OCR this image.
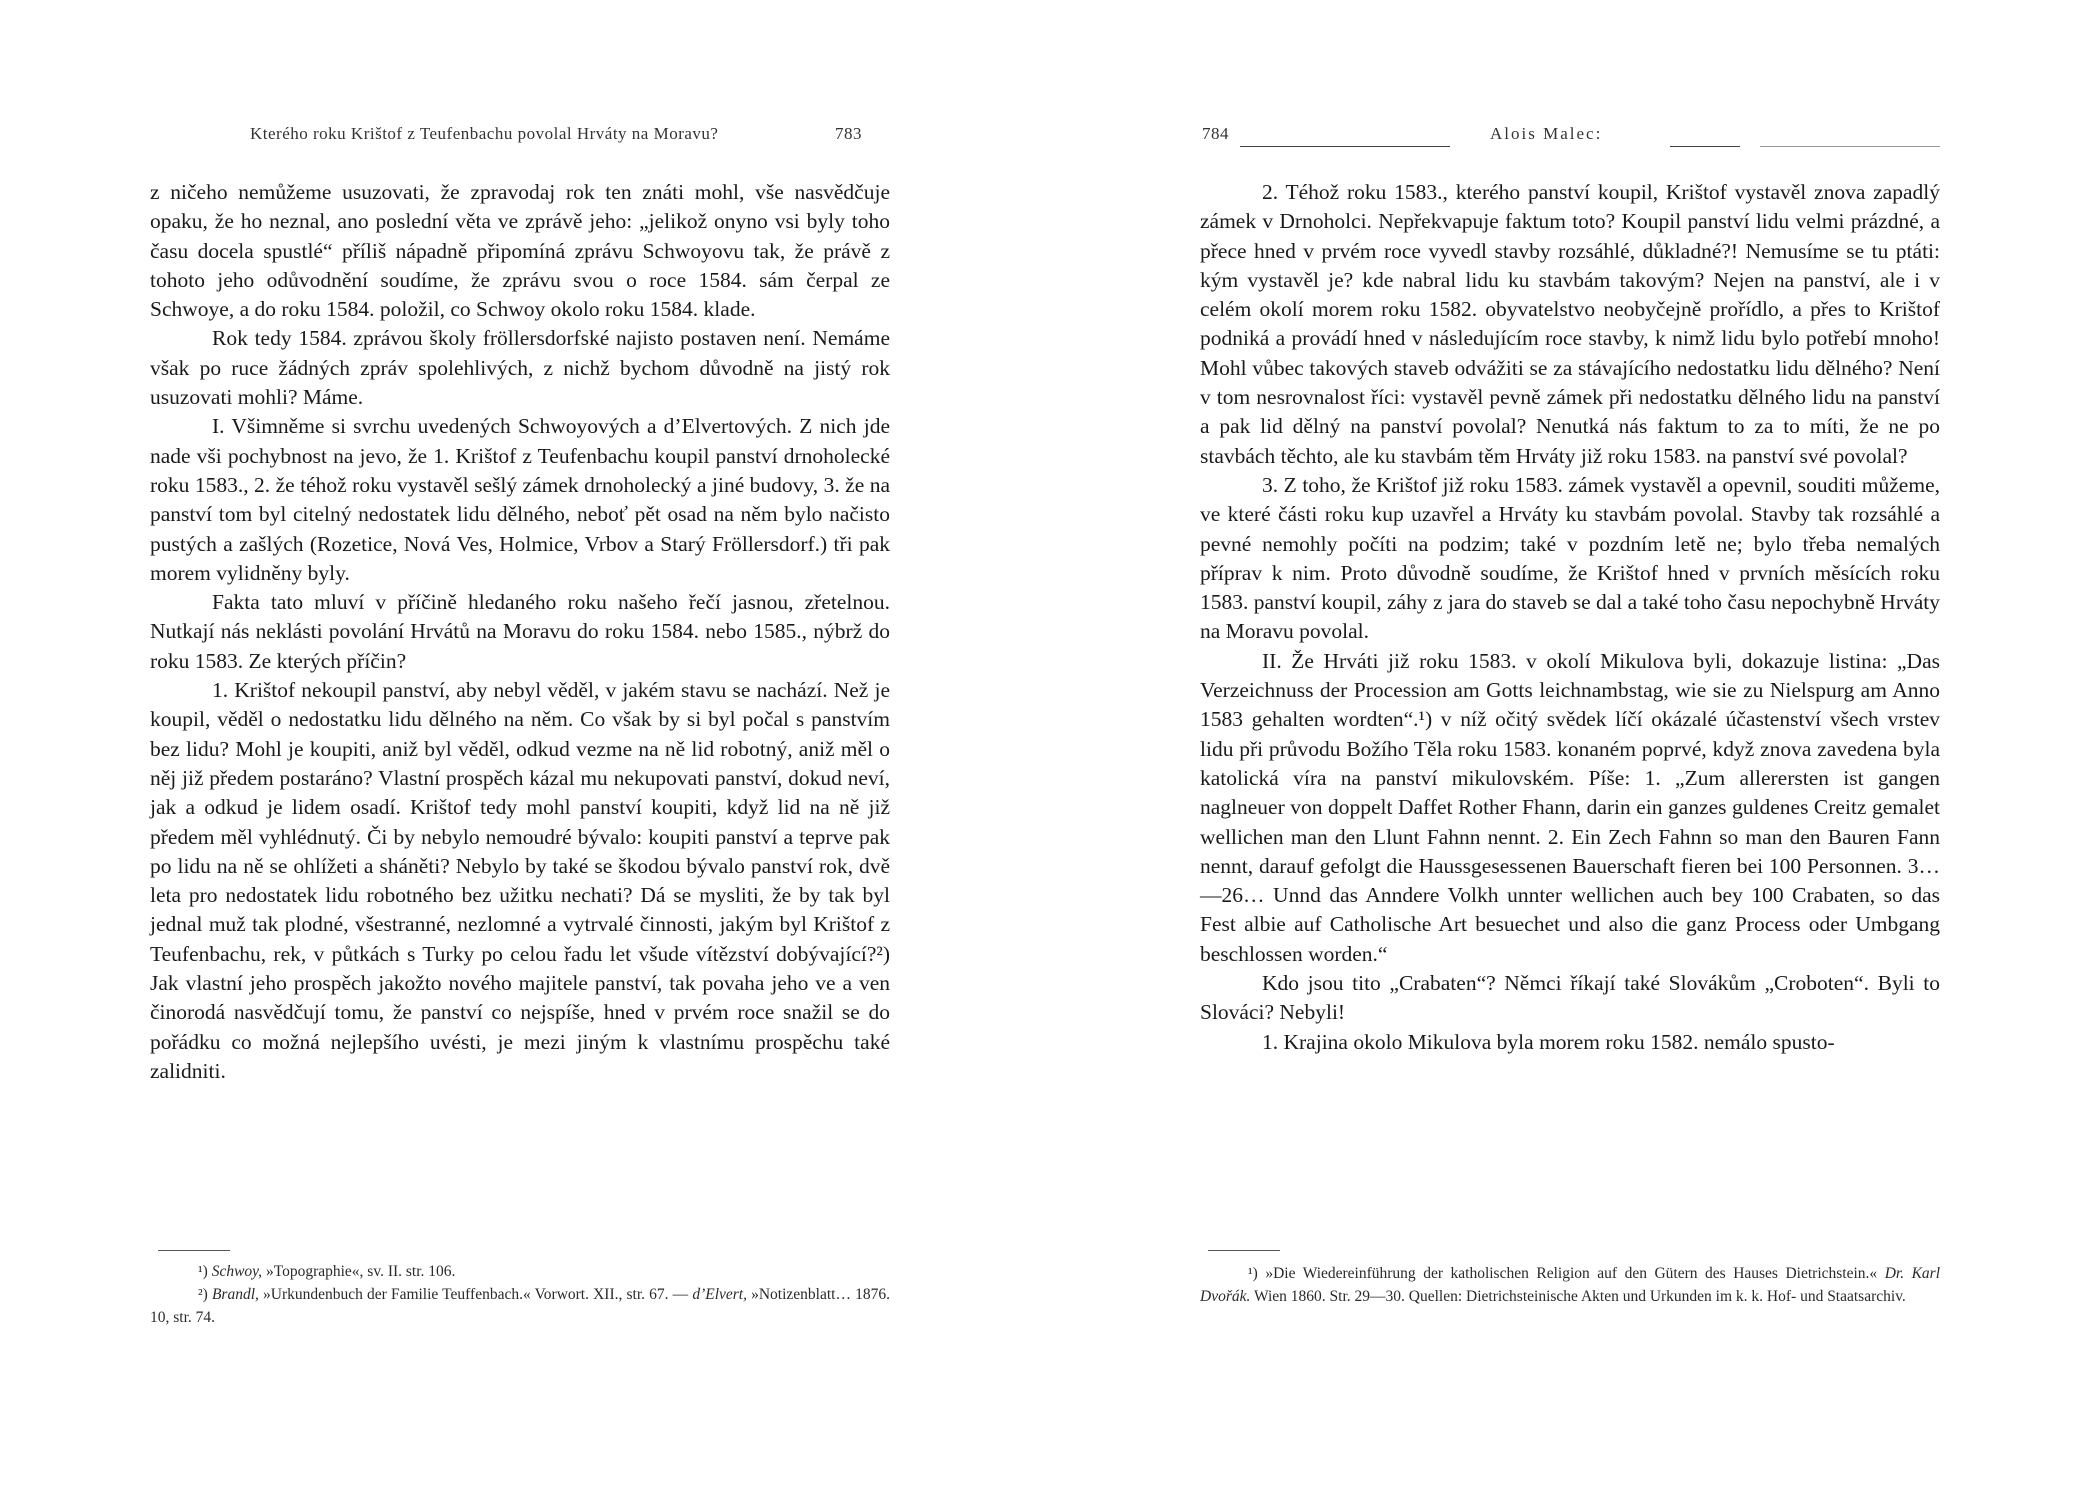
Kterého roku Krištof z Teufenbachu povolal Hrváty na Moravu?	783

z ničeho nemůžeme usuzovati, že zpravodaj rok ten znáti mohl, vše nasvědčuje opaku, že ho neznal, ano poslední věta ve zprávě jeho: „jelikož onyno vsi byly toho času docela spustlé“ příliš nápadně připomíná zprávu Schwoyovu tak, že právě z tohoto jeho odůvodnění soudíme, že zprávu svou o roce 1584. sám čerpal ze Schwoye, a do roku 1584. položil, co Schwoy okolo roku 1584. klade.

Rok tedy 1584. zprávou školy fröllersdorfské najisto postaven není. Nemáme však po ruce žádných zpráv spolehlivých, z nichž bychom důvodně na jistý rok usuzovati mohli? Máme.

I. Všimněme si svrchu uvedených Schwoyových a d’Elvertových. Z nich jde nade vši pochybnost na jevo, že 1. Krištof z Teufenbachu koupil panství drnoholecké roku 1583., 2. že téhož roku vystavěl sešlý zámek drnoholecký a jiné budovy, 3. že na panství tom byl citelný nedostatek lidu dělného, neboť pět osad na něm bylo načisto pustých a zašlých (Rozetice, Nová Ves, Holmice, Vrbov a Starý Fröllersdorf.) tři pak morem vylidněny byly.

Fakta tato mluví v příčině hledaného roku našeho řečí jasnou, zřetelnou. Nutkají nás neklásti povolání Hrvátů na Moravu do roku 1584. nebo 1585., nýbrž do roku 1583. Ze kterých příčin?

1. Krištof nekoupil panství, aby nebyl věděl, v jakém stavu se nachází. Než je koupil, věděl o nedostatku lidu dělného na něm. Co však by si byl počal s panstvím bez lidu? Mohl je koupiti, aniž byl věděl, odkud vezme na ně lid robotný, aniž měl o něj již předem postaráno? Vlastní prospěch kázal mu nekupovati panství, dokud neví, jak a odkud je lidem osadí. Krištof tedy mohl panství koupiti, když lid na ně již předem měl vyhlédnutý. Či by nebylo nemoudré bývalo: koupiti panství a teprve pak po lidu na ně se ohlížeti a sháněti? Nebylo by také se škodou bývalo panství rok, dvě leta pro nedostatek lidu robotného bez užitku nechati? Dá se mysliti, že by tak byl jednal muž tak plodné, všestranné, nezlomné a vytrvalé činnosti, jakým byl Krištof z Teufenbachu, rek, v půtkách s Turky po celou řadu let všude vítězství dobývající?²) Jak vlastní jeho prospěch jakožto nového majitele panství, tak povaha jeho ve a ven činorodá nasvědčují tomu, že panství co nejspíše, hned v prvém roce snažil se do pořádku co možná nejlepšího uvésti, je mezi jiným k vlastnímu prospěchu také zalidniti.

¹) Schwoy, »Topographie«, sv. II. str. 106.

²) Brandl, »Urkundenbuch der Familie Teuffenbach.« Vorwort. XII., str. 67. — d’Elvert, »Notizenblatt… 1876. 10, str. 74.

784	Alois Malec:

2. Téhož roku 1583., kterého panství koupil, Krištof vystavěl znova zapadlý zámek v Drnoholci. Nepřekvapuje faktum toto? Koupil panství lidu velmi prázdné, a přece hned v prvém roce vyvedl stavby rozsáhlé, důkladné?! Nemusíme se tu ptáti: kým vystavěl je? kde nabral lidu ku stavbám takovým? Nejen na panství, ale i v celém okolí morem roku 1582. obyvatelstvo neobyčejně prořídlo, a přes to Krištof podniká a provádí hned v následujícím roce stavby, k nimž lidu bylo potřebí mnoho! Mohl vůbec takových staveb odvážiti se za stávajícího nedostatku lidu dělného? Není v tom nesrovnalost říci: vystavěl pevně zámek při nedostatku dělného lidu na panství a pak lid dělný na panství povolal? Nenutká nás faktum to za to míti, že ne po stavbách těchto, ale ku stavbám těm Hrváty již roku 1583. na panství své povolal?

3. Z toho, že Krištof již roku 1583. zámek vystavěl a opevnil, souditi můžeme, ve které části roku kup uzavřel a Hrváty ku stavbám povolal. Stavby tak rozsáhlé a pevné nemohly počíti na podzim; také v pozdním letě ne; bylo třeba nemalých příprav k nim. Proto důvodně soudíme, že Krištof hned v prvních měsících roku 1583. panství koupil, záhy z jara do staveb se dal a také toho času nepochybně Hrváty na Moravu povolal.

II. Že Hrváti již roku 1583. v okolí Mikulova byli, dokazuje listina: „Das Verzeichnuss der Procession am Gotts leichnambstag, wie sie zu Nielspurg am Anno 1583 gehalten wordten“.¹) v níž očitý svědek líčí okázalé účastenství všech vrstev lidu při průvodu Božího Těla roku 1583. konaném poprvé, když znova zavedena byla katolická víra na panství mikulovském. Píše: 1. „Zum allerersten ist gangen naglneuer von doppelt Daffet Rother Fhann, darin ein ganzes guldenes Creitz gemalet wellichen man den Llunt Fahnn nennt. 2. Ein Zech Fahnn so man den Bauren Fann nennt, darauf gefolgt die Haussgesessenen Bauerschaft fieren bei 100 Personnen. 3…—26… Unnd das Anndere Volkh unnter wellichen auch bey 100 Crabaten, so das Fest albie auf Catholische Art besuechet und also die ganz Process oder Umbgang beschlossen worden.“

Kdo jsou tito „Crabaten“? Němci říkají také Slovákům „Croboten“. Byli to Slováci? Nebyli!

1. Krajina okolo Mikulova byla morem roku 1582. nemálo spusto-

¹) »Die Wiedereinführung der katholischen Religion auf den Gütern des Hauses Dietrichstein.« Dr. Karl Dvořák. Wien 1860. Str. 29—30. Quellen: Dietrichsteinische Akten und Urkunden im k. k. Hof- und Staatsarchiv.
